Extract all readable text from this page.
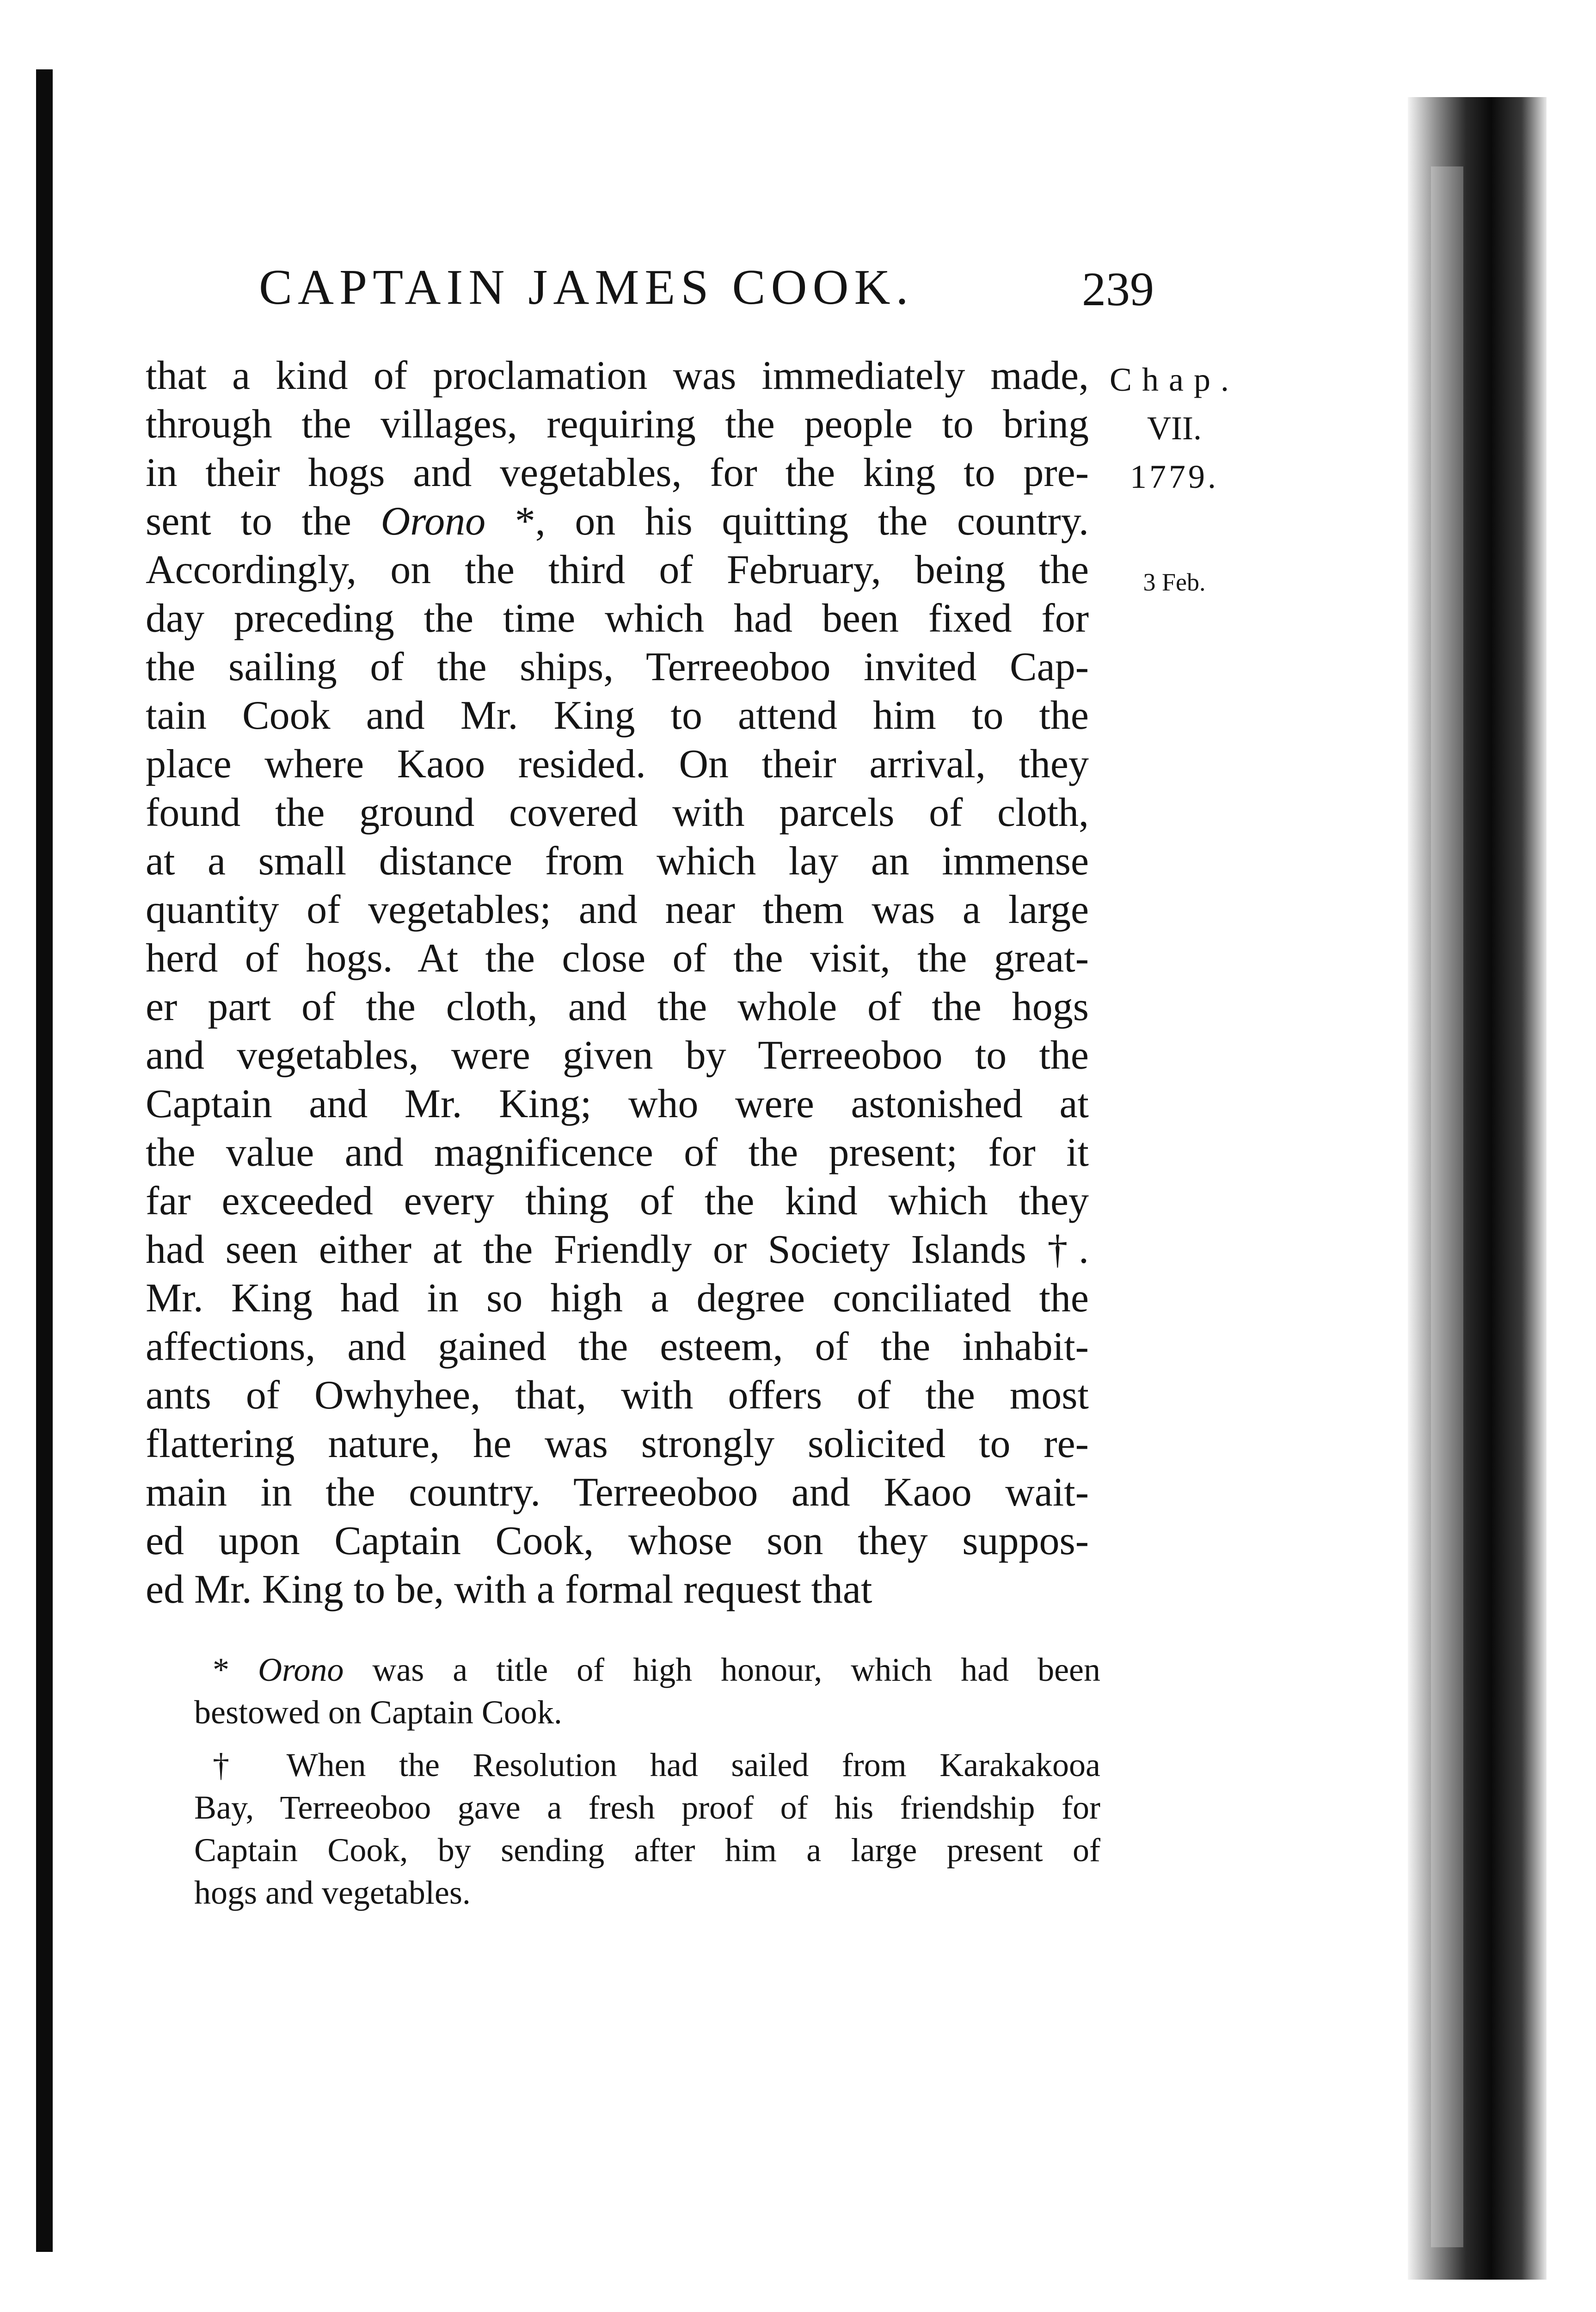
CAPTAIN JAMES COOK.	239
Chap.
VII.
1779.
3 Feb.
that a kind of proclamation was immediately made,
through the villages, requiring the people to bring
in their hogs and vegetables, for the king to pre-
sent to the Orono *, on his quitting the country.
Accordingly, on the third of February, being the
day preceding the time which had been fixed for
the sailing of the ships, Terreeoboo invited Cap-
tain Cook and Mr. King to attend him to the
place where Kaoo resided. On their arrival, they
found the ground covered with parcels of cloth,
at a small distance from which lay an immense
quantity of vegetables; and near them was a large
herd of hogs. At the close of the visit, the great-
er part of the cloth, and the whole of the hogs
and vegetables, were given by Terreeoboo to the
Captain and Mr. King; who were astonished at
the value and magnificence of the present; for it
far exceeded every thing of the kind which they
had seen either at the Friendly or Society Islands †.
Mr. King had in so high a degree conciliated the
affections, and gained the esteem, of the inhabit-
ants of Owhyhee, that, with offers of the most
flattering nature, he was strongly solicited to re-
main in the country. Terreeoboo and Kaoo wait-
ed upon Captain Cook, whose son they suppos-
ed Mr. King to be, with a formal request that
* Orono was a title of high honour, which had been
bestowed on Captain Cook.
† When the Resolution had sailed from Karakakooa
Bay, Terreeoboo gave a fresh proof of his friendship for
Captain Cook, by sending after him a large present of
hogs and vegetables.
